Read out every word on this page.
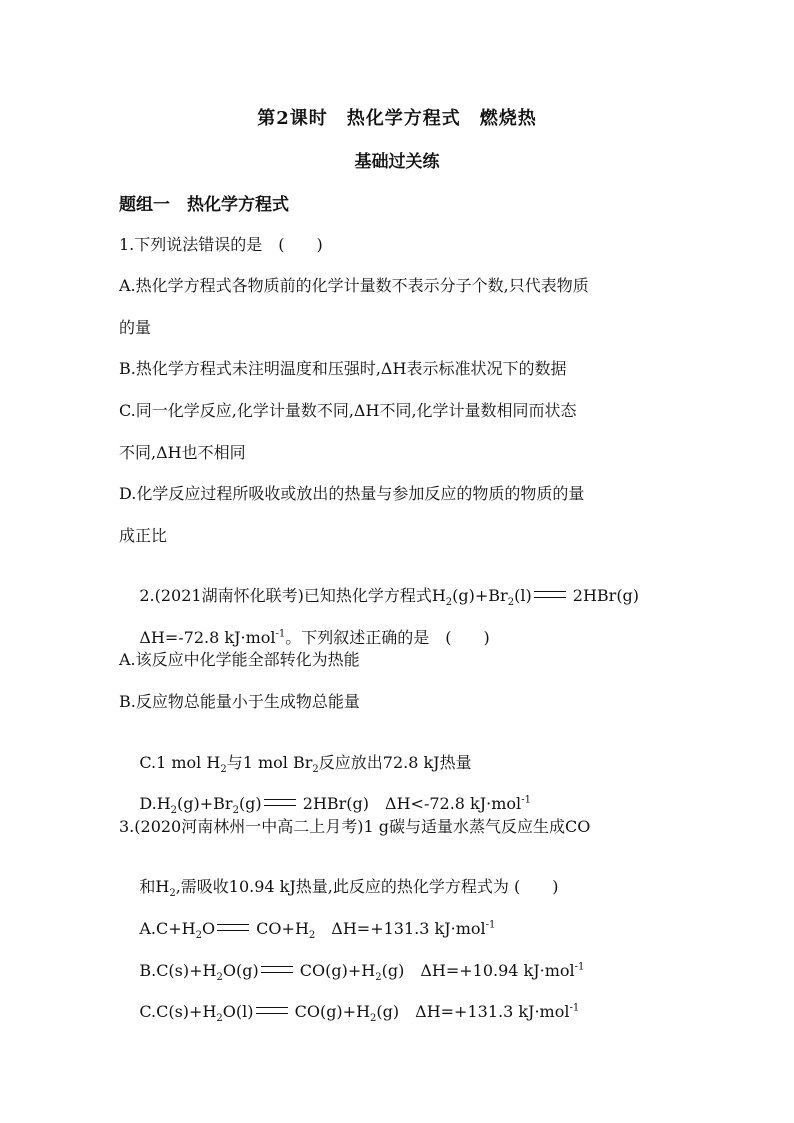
第2课时　热化学方程式　燃烧热
基础过关练
题组一　热化学方程式
1.下列说法错误的是　(　　)
A.热化学方程式各物质前的化学计量数不表示分子个数,只代表物质
的量
B.热化学方程式未注明温度和压强时,ΔH表示标准状况下的数据
C.同一化学反应,化学计量数不同,ΔH不同,化学计量数相同而状态
不同,ΔH也不相同
D.化学反应过程所吸收或放出的热量与参加反应的物质的物质的量
成正比

2.(2021湖南怀化联考)已知热化学方程式$H_2(g)+Br_2(l)$ 2HBr(g)

ΔH=-72.8 kJ·mol$^{-1}$。下列叙述正确的是　(　　)

A.该反应中化学能全部转化为热能
B.反应物总能量小于生成物总能量

C.1 mol $H_2$与1 mol $Br_2$反应放出72.8 kJ热量

$D.H_2(g)+Br_2(g)$ 2HBr(g)　ΔH<-72.8 kJ·mol$^{-1}$

3.(2020河南林州一中高二上月考)1 g碳与适量水蒸气反应生成CO

和$H_2$,需吸收10.94 kJ热量,此反应的热化学方程式为 (　　)

$A.C+H_2O$ $CO+H_2$　ΔH=+131.3 kJ·mol$^{-1}$

$B.C(s)+H_2O(g)$ $CO(g)+H_2(g)$　ΔH=+10.94 kJ·mol$^{-1}$

$C.C(s)+H_2O(l)$ $CO(g)+H_2(g)$　ΔH=+131.3 kJ·mol$^{-1}$
